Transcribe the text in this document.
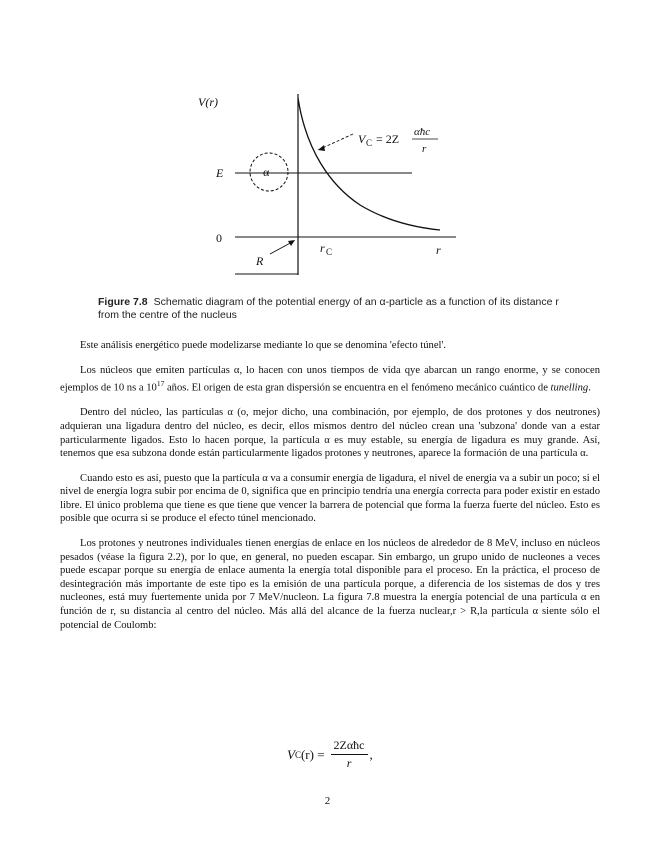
V(r)
E	-α-
0
R
r C	r
V C = 2Z αħc
r
Figure 7.8 Schematic diagram of the potential energy of an α-particle as a function of its distance r from the centre of the nucleus

Este análisis energético puede modelizarse mediante lo que se denomina 'efecto túnel'.

Los núcleos que emiten partículas α, lo hacen con unos tiempos de vida qye abarcan un rango enorme, y se conocen ejemplos de 10 ns a $10^{17}$ años. El origen de esta gran dispersión se encuentra en el fenómeno mecánico cuántico de tunelling.

Dentro del núcleo, las partículas α (o, mejor dicho, una combinación, por ejemplo, de dos protones y dos neutrones) adquieran una ligadura dentro del núcleo, es decir, ellos mismos dentro del núcleo crean una 'subzona' donde van a estar particularmente ligados. Esto lo hacen porque, la partícula α es muy estable, su energía de ligadura es muy grande. Así, tenemos que esa subzona donde están particularmente ligados protones y neutrones, aparece la formación de una partícula α.

Cuando esto es así, puesto que la partícula α va a consumir energía de ligadura, el nivel de energia va a subir un poco; si el nivel de energía logra subir por encima de 0, significa que en principio tendría una energía correcta para poder existir en estado libre. El único problema que tiene es que tiene que vencer la barrera de potencial que forma la fuerza fuerte del núcleo. Esto es posible que ocurra si se produce el efecto túnel mencionado.

Los protones y neutrones individuales tienen energías de enlace en los núcleos de alrededor de 8 MeV, incluso en núcleos pesados (véase la figura 2.2), por lo que, en general, no pueden escapar. Sin embargo, un grupo unido de nucleones a veces puede escapar porque su energía de enlace aumenta la energía total disponible para el proceso. En la práctica, el proceso de desintegración más importante de este tipo es la emisión de una partícula porque, a diferencia de los sistemas de dos y tres nucleones, está muy fuertemente unida por 7 MeV/nucleon. La figura 7.8 muestra la energía potencial de una partícula α en función de r, su distancia al centro del núcleo. Más allá del alcance de la fuerza nuclear,r > R,la partícula α siente sólo el potencial de Coulomb:

V C $(r) = \frac{\text{2Zαħc}}{r}$ ,
2
